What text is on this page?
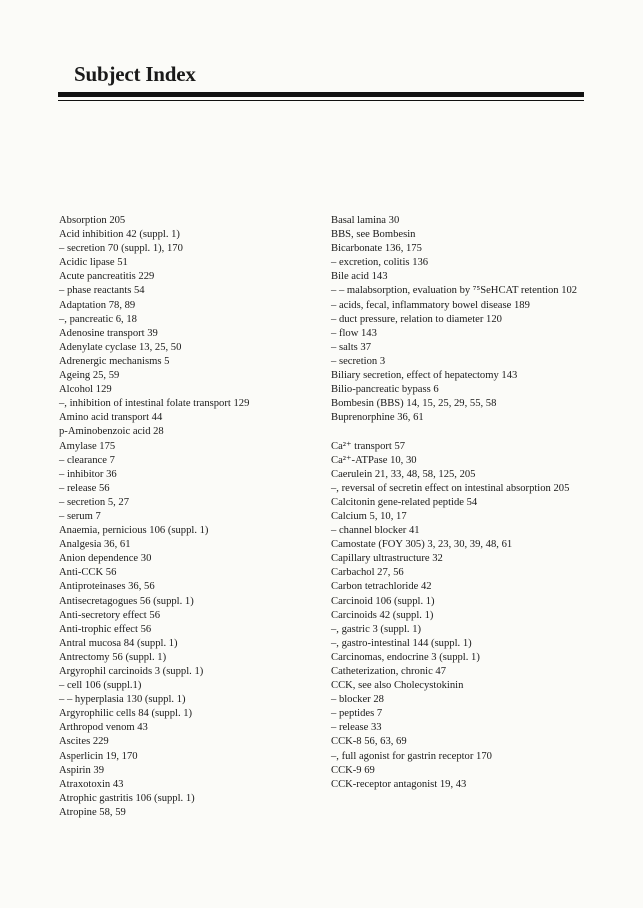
Subject Index
Absorption 205
Acid inhibition 42 (suppl. 1)
– secretion 70 (suppl. 1), 170
Acidic lipase 51
Acute pancreatitis 229
– phase reactants 54
Adaptation 78, 89
–, pancreatic 6, 18
Adenosine transport 39
Adenylate cyclase 13, 25, 50
Adrenergic mechanisms 5
Ageing 25, 59
Alcohol 129
–, inhibition of intestinal folate transport 129
Amino acid transport 44
p-Aminobenzoic acid 28
Amylase 175
– clearance 7
– inhibitor 36
– release 56
– secretion 5, 27
– serum 7
Anaemia, pernicious 106 (suppl. 1)
Analgesia 36, 61
Anion dependence 30
Anti-CCK 56
Antiproteinases 36, 56
Antisecretagogues 56 (suppl. 1)
Anti-secretory effect 56
Anti-trophic effect 56
Antral mucosa 84 (suppl. 1)
Antrectomy 56 (suppl. 1)
Argyrophil carcinoids 3 (suppl. 1)
– cell 106 (suppl.1)
– – hyperplasia 130 (suppl. 1)
Argyrophilic cells 84 (suppl. 1)
Arthropod venom 43
Ascites 229
Asperlicin 19, 170
Aspirin 39
Atraxotoxin 43
Atrophic gastritis 106 (suppl. 1)
Atropine 58, 59
Basal lamina 30
BBS, see Bombesin
Bicarbonate 136, 175
– excretion, colitis 136
Bile acid 143
– – malabsorption, evaluation by ⁷⁵SeHCAT retention 102
– acids, fecal, inflammatory bowel disease 189
– duct pressure, relation to diameter 120
– flow 143
– salts 37
– secretion 3
Biliary secretion, effect of hepatectomy 143
Bilio-pancreatic bypass 6
Bombesin (BBS) 14, 15, 25, 29, 55, 58
Buprenorphine 36, 61
Ca²⁺ transport 57
Ca²⁺-ATPase 10, 30
Caerulein 21, 33, 48, 58, 125, 205
–, reversal of secretin effect on intestinal absorption 205
Calcitonin gene-related peptide 54
Calcium 5, 10, 17
– channel blocker 41
Camostate (FOY 305) 3, 23, 30, 39, 48, 61
Capillary ultrastructure 32
Carbachol 27, 56
Carbon tetrachloride 42
Carcinoid 106 (suppl. 1)
Carcinoids 42 (suppl. 1)
–, gastric 3 (suppl. 1)
–, gastro-intestinal 144 (suppl. 1)
Carcinomas, endocrine 3 (suppl. 1)
Catheterization, chronic 47
CCK, see also Cholecystokinin
– blocker 28
– peptides 7
– release 33
CCK-8 56, 63, 69
–, full agonist for gastrin receptor 170
CCK-9 69
CCK-receptor antagonist 19, 43
